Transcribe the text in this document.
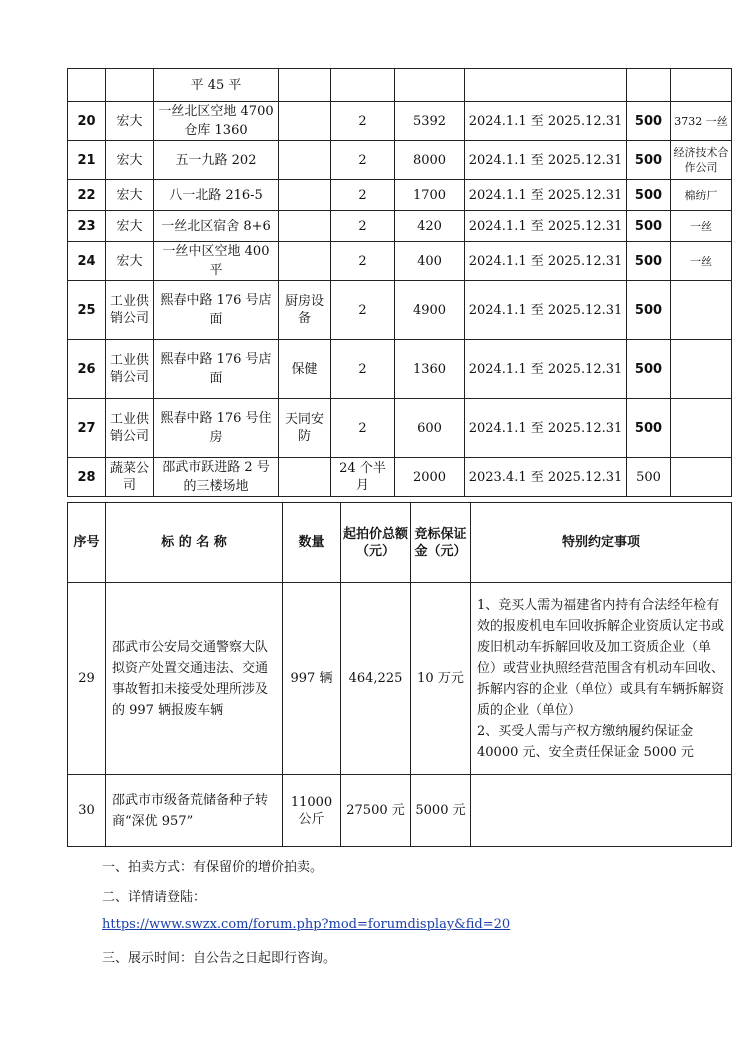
		平 45 平						
20	宏大	一丝北区空地 4700 仓库 1360		2	5392	2024.1.1 至 2025.12.31	500	3732 一丝
21	宏大	五一九路 202		2	8000	2024.1.1 至 2025.12.31	500	经济技术合作公司
22	宏大	八一北路 216-5		2	1700	2024.1.1 至 2025.12.31	500	棉纺厂
23	宏大	一丝北区宿舍 8+6		2	420	2024.1.1 至 2025.12.31	500	一丝
24	宏大	一丝中区空地 400 平		2	400	2024.1.1 至 2025.12.31	500	一丝
25	工业供销公司	熙春中路 176 号店面	厨房设备	2	4900	2024.1.1 至 2025.12.31	500	
26	工业供销公司	熙春中路 176 号店面	保健	2	1360	2024.1.1 至 2025.12.31	500	
27	工业供销公司	熙春中路 176 号住房	天同安防	2	600	2024.1.1 至 2025.12.31	500	
28	蔬菜公司	邵武市跃进路 2 号的三楼场地		24 个半月	2000	2023.4.1 至 2025.12.31	500	
序号	标 的 名 称	数量	起拍价总额（元）	竞标保证金（元）	特别约定事项
29	邵武市公安局交通警察大队拟资产处置交通违法、交通事故暂扣未接受处理所涉及的 997 辆报废车辆	997 辆	464,225	10 万元	1、竞买人需为福建省内持有合法经年检有效的报废机电车回收拆解企业资质认定书或废旧机动车拆解回收及加工资质企业（单位）或营业执照经营范围含有机动车回收、拆解内容的企业（单位）或具有车辆拆解资质的企业（单位）
2、买受人需与产权方缴纳履约保证金 40000 元、安全责任保证金 5000 元

30	邵武市市级备荒储备种子转商“深优 957”	11000 公斤	27500 元	5000 元	
一、拍卖方式：有保留价的增价拍卖。
二、详情请登陆：
https://www.swzx.com/forum.php?mod=forumdisplay&fid=20
三、展示时间：自公告之日起即行咨询。
